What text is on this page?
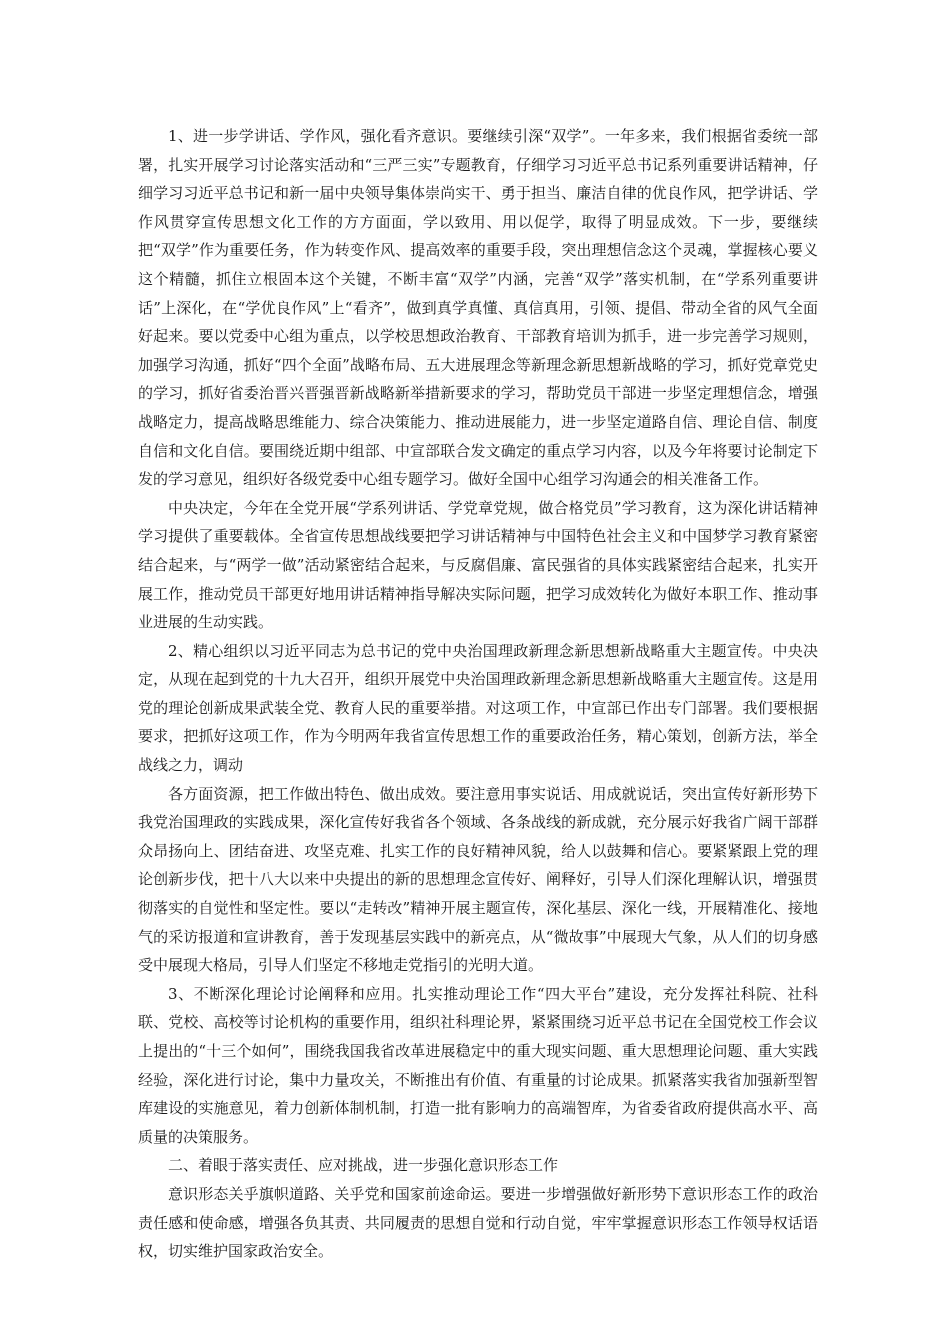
1、进一步学讲话、学作风，强化看齐意识。要继续引深“双学”。一年多来，我们根据省委统一部署，扎实开展学习讨论落实活动和“三严三实”专题教育，仔细学习习近平总书记系列重要讲话精神，仔细学习习近平总书记和新一届中央领导集体崇尚实干、勇于担当、廉洁自律的优良作风，把学讲话、学作风贯穿宣传思想文化工作的方方面面，学以致用、用以促学，取得了明显成效。下一步，要继续把“双学”作为重要任务，作为转变作风、提高效率的重要手段，突出理想信念这个灵魂，掌握核心要义这个精髓，抓住立根固本这个关键，不断丰富“双学”内涵，完善“双学”落实机制，在“学系列重要讲话”上深化，在“学优良作风”上“看齐”，做到真学真懂、真信真用，引领、提倡、带动全省的风气全面好起来。要以党委中心组为重点，以学校思想政治教育、干部教育培训为抓手，进一步完善学习规则，加强学习沟通，抓好“四个全面”战略布局、五大进展理念等新理念新思想新战略的学习，抓好党章党史的学习，抓好省委治晋兴晋强晋新战略新举措新要求的学习，帮助党员干部进一步坚定理想信念，增强战略定力，提高战略思维能力、综合决策能力、推动进展能力，进一步坚定道路自信、理论自信、制度自信和文化自信。要围绕近期中组部、中宣部联合发文确定的重点学习内容，以及今年将要讨论制定下发的学习意见，组织好各级党委中心组专题学习。做好全国中心组学习沟通会的相关准备工作。

中央决定，今年在全党开展“学系列讲话、学党章党规，做合格党员”学习教育，这为深化讲话精神学习提供了重要载体。全省宣传思想战线要把学习讲话精神与中国特色社会主义和中国梦学习教育紧密结合起来，与“两学一做”活动紧密结合起来，与反腐倡廉、富民强省的具体实践紧密结合起来，扎实开展工作，推动党员干部更好地用讲话精神指导解决实际问题，把学习成效转化为做好本职工作、推动事业进展的生动实践。

2、精心组织以习近平同志为总书记的党中央治国理政新理念新思想新战略重大主题宣传。中央决定，从现在起到党的十九大召开，组织开展党中央治国理政新理念新思想新战略重大主题宣传。这是用党的理论创新成果武装全党、教育人民的重要举措。对这项工作，中宣部已作出专门部署。我们要根据要求，把抓好这项工作，作为今明两年我省宣传思想工作的重要政治任务，精心策划，创新方法，举全战线之力，调动

各方面资源，把工作做出特色、做出成效。要注意用事实说话、用成就说话，突出宣传好新形势下我党治国理政的实践成果，深化宣传好我省各个领域、各条战线的新成就，充分展示好我省广阔干部群众昂扬向上、团结奋进、攻坚克难、扎实工作的良好精神风貌，给人以鼓舞和信心。要紧紧跟上党的理论创新步伐，把十八大以来中央提出的新的思想理念宣传好、阐释好，引导人们深化理解认识，增强贯彻落实的自觉性和坚定性。要以“走转改”精神开展主题宣传，深化基层、深化一线，开展精准化、接地气的采访报道和宣讲教育，善于发现基层实践中的新亮点，从“微故事”中展现大气象，从人们的切身感受中展现大格局，引导人们坚定不移地走党指引的光明大道。

3、不断深化理论讨论阐释和应用。扎实推动理论工作“四大平台”建设，充分发挥社科院、社科联、党校、高校等讨论机构的重要作用，组织社科理论界，紧紧围绕习近平总书记在全国党校工作会议上提出的“十三个如何”，围绕我国我省改革进展稳定中的重大现实问题、重大思想理论问题、重大实践经验，深化进行讨论，集中力量攻关，不断推出有价值、有重量的讨论成果。抓紧落实我省加强新型智库建设的实施意见，着力创新体制机制，打造一批有影响力的高端智库，为省委省政府提供高水平、高质量的决策服务。

二、着眼于落实责任、应对挑战，进一步强化意识形态工作

意识形态关乎旗帜道路、关乎党和国家前途命运。要进一步增强做好新形势下意识形态工作的政治责任感和使命感，增强各负其责、共同履责的思想自觉和行动自觉，牢牢掌握意识形态工作领导权话语权，切实维护国家政治安全。
